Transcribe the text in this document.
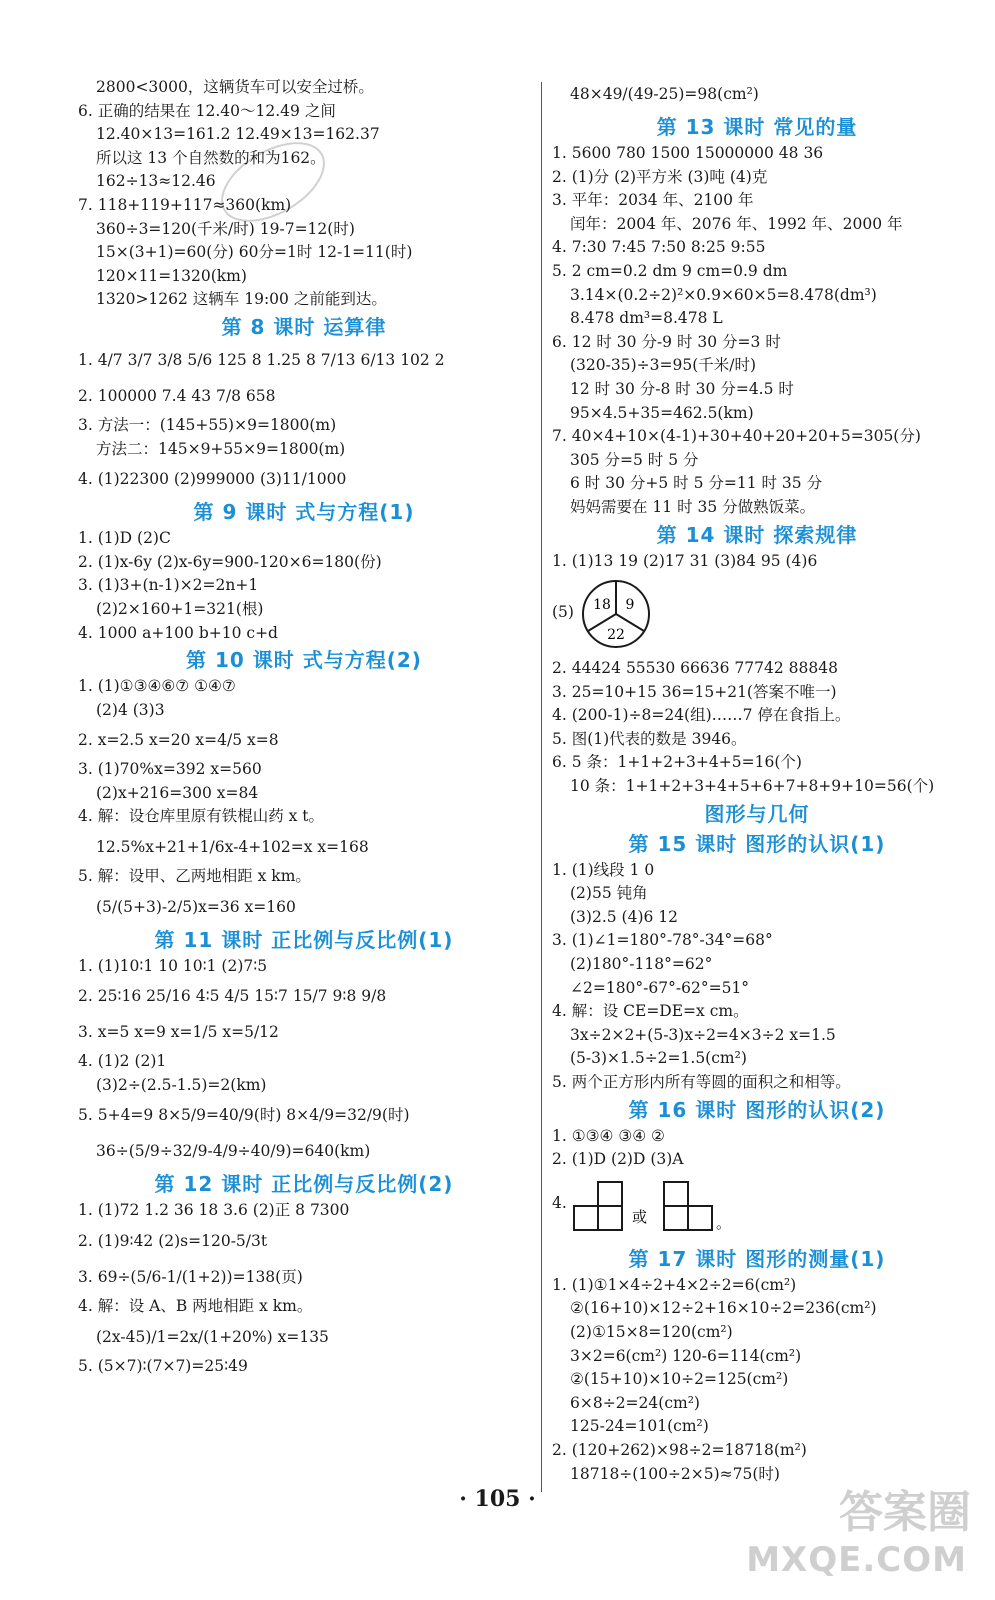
2800<3000，这辆货车可以安全过桥。
6. 正确的结果在 12.40～12.49 之间
12.40×13=161.2 12.49×13=162.37
所以这 13 个自然数的和为162。
162÷13≈12.46
7. 118+119+117≈360(km)
360÷3=120(千米/时) 19-7=12(时)
15×(3+1)=60(分) 60分=1时 12-1=11(时)
120×11=1320(km)
1320>1262 这辆车 19:00 之前能到达。
第 8 课时 运算律
1. 4/7 3/7 3/8 5/6 125 8 1.25 8 7/13 6/13 102 2
2. 100000 7.4 43 7/8 658
3. 方法一：(145+55)×9=1800(m)
方法二：145×9+55×9=1800(m)
4. (1)22300 (2)999000 (3)11/1000
第 9 课时 式与方程(1)
1. (1)D (2)C
2. (1)x-6y (2)x-6y=900-120×6=180(份)
3. (1)3+(n-1)×2=2n+1
(2)2×160+1=321(根)
4. 1000 a+100 b+10 c+d
第 10 课时 式与方程(2)
1. (1)①③④⑥⑦ ①④⑦
(2)4 (3)3
2. x=2.5 x=20 x=4/5 x=8
3. (1)70%x=392 x=560
(2)x+216=300 x=84
4. 解：设仓库里原有铁棍山药 x t。
12.5%x+21+1/6x-4+102=x x=168
5. 解：设甲、乙两地相距 x km。
(5/(5+3)-2/5)x=36 x=160
第 11 课时 正比例与反比例(1)
1. (1)10∶1 10 10∶1 (2)7∶5
2. 25∶16 25/16 4∶5 4/5 15∶7 15/7 9∶8 9/8
3. x=5 x=9 x=1/5 x=5/12
4. (1)2 (2)1
(3)2÷(2.5-1.5)=2(km)
5. 5+4=9 8×5/9=40/9(时) 8×4/9=32/9(时)
36÷(5/9÷32/9-4/9÷40/9)=640(km)
第 12 课时 正比例与反比例(2)
1. (1)72 1.2 36 18 3.6 (2)正 8 7300
2. (1)9∶42 (2)s=120-5/3t
3. 69÷(5/6-1/(1+2))=138(页)
4. 解：设 A、B 两地相距 x km。
(2x-45)/1=2x/(1+20%) x=135
5. (5×7)∶(7×7)=25∶49
48×49/(49-25)=98(cm²)
第 13 课时 常见的量
1. 5600 780 1500 15000000 48 36
2. (1)分 (2)平方米 (3)吨 (4)克
3. 平年：2034 年、2100 年
闰年：2004 年、2076 年、1992 年、2000 年
4. 7:30 7:45 7:50 8:25 9:55
5. 2 cm=0.2 dm 9 cm=0.9 dm
3.14×(0.2÷2)²×0.9×60×5=8.478(dm³)
8.478 dm³=8.478 L
6. 12 时 30 分-9 时 30 分=3 时
(320-35)÷3=95(千米/时)
12 时 30 分-8 时 30 分=4.5 时
95×4.5+35=462.5(km)
7. 40×4+10×(4-1)+30+40+20+20+5=305(分)
305 分=5 时 5 分
6 时 30 分+5 时 5 分=11 时 35 分
妈妈需要在 11 时 35 分做熟饭菜。
第 14 课时 探索规律
1. (1)13 19 (2)17 31 (3)84 95 (4)6
(5) 18 9
22
2. 44424 55530 66636 77742 88848
3. 25=10+15 36=15+21(答案不唯一)
4. (200-1)÷8=24(组)……7 停在食指上。
5. 图(1)代表的数是 3946。
6. 5 条：1+1+2+3+4+5=16(个)
10 条：1+1+2+3+4+5+6+7+8+9+10=56(个)
图形与几何
第 15 课时 图形的认识(1)
1. (1)线段 1 0
(2)55 钝角
(3)2.5 (4)6 12
3. (1)∠1=180°-78°-34°=68°
(2)180°-118°=62°
∠2=180°-67°-62°=51°
4. 解：设 CE=DE=x cm。
3x÷2×2+(5-3)x÷2=4×3÷2 x=1.5
(5-3)×1.5÷2=1.5(cm²)
5. 两个正方形内所有等圆的面积之和相等。
第 16 课时 图形的认识(2)
1. ①③④ ③④ ②
2. (1)D (2)D (3)A
4.
或	。
第 17 课时 图形的测量(1)
1. (1)①1×4÷2+4×2÷2=6(cm²)
②(16+10)×12÷2+16×10÷2=236(cm²)
(2)①15×8=120(cm²)
3×2=6(cm²) 120-6=114(cm²)
②(15+10)×10÷2=125(cm²)
6×8÷2=24(cm²)
125-24=101(cm²)
2. (120+262)×98÷2=18718(m²)
18718÷(100÷2×5)≈75(时)
· 105 ·	答案圈
MXQE.COM
